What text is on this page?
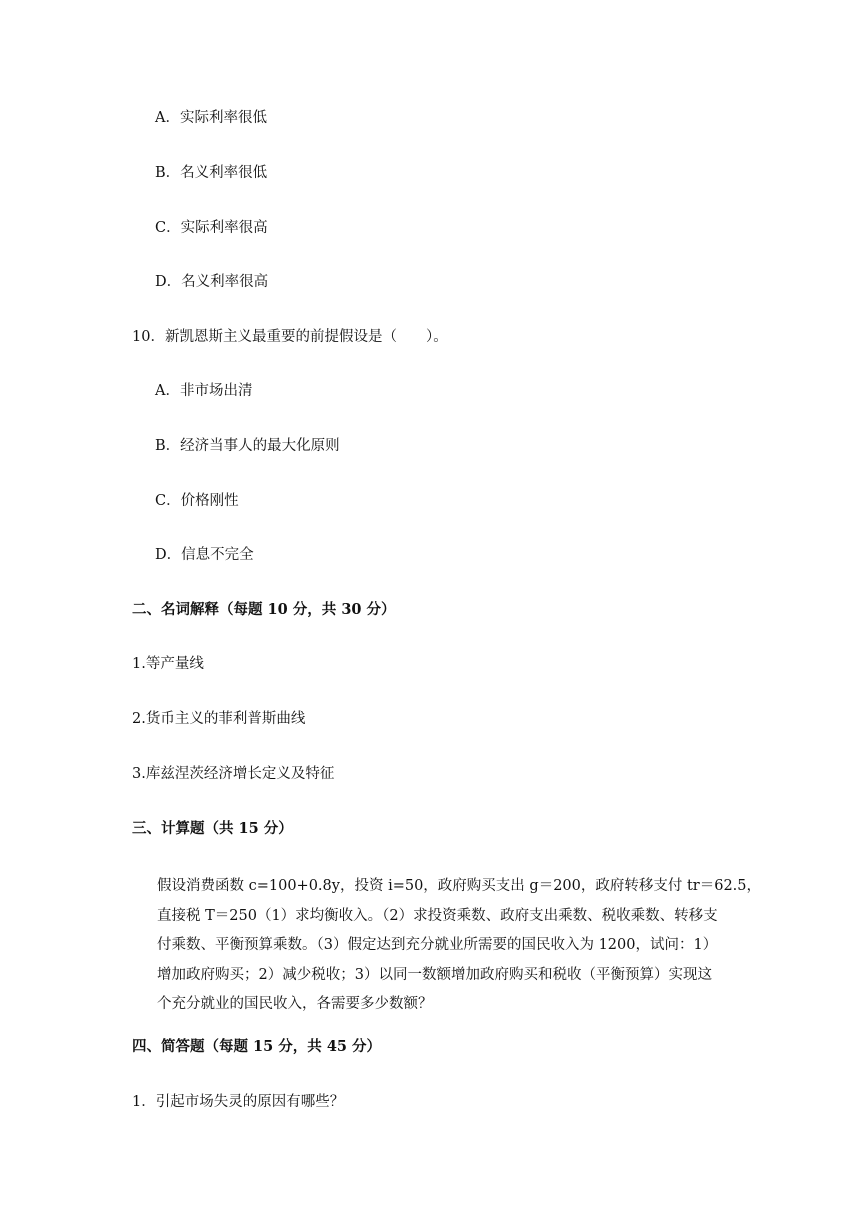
A．实际利率很低
B．名义利率很低
C．实际利率很高
D．名义利率很高
10．新凯恩斯主义最重要的前提假设是（　　）。
A．非市场出清
B．经济当事人的最大化原则
C．价格刚性
D．信息不完全
二、名词解释（每题 10 分，共 30 分）
1.等产量线
2.货币主义的菲利普斯曲线
3.库兹涅茨经济增长定义及特征
三、计算题（共 15 分）
假设消费函数 c=100+0.8y，投资 i=50，政府购买支出 g＝200，政府转移支付 tr＝62.5，
直接税 T＝250（1）求均衡收入。（2）求投资乘数、政府支出乘数、税收乘数、转移支
付乘数、平衡预算乘数。（3）假定达到充分就业所需要的国民收入为 1200，试问：1）
增加政府购买；2）减少税收；3）以同一数额增加政府购买和税收（平衡预算）实现这
个充分就业的国民收入，各需要多少数额？
四、简答题（每题 15 分，共 45 分）
1．引起市场失灵的原因有哪些？
